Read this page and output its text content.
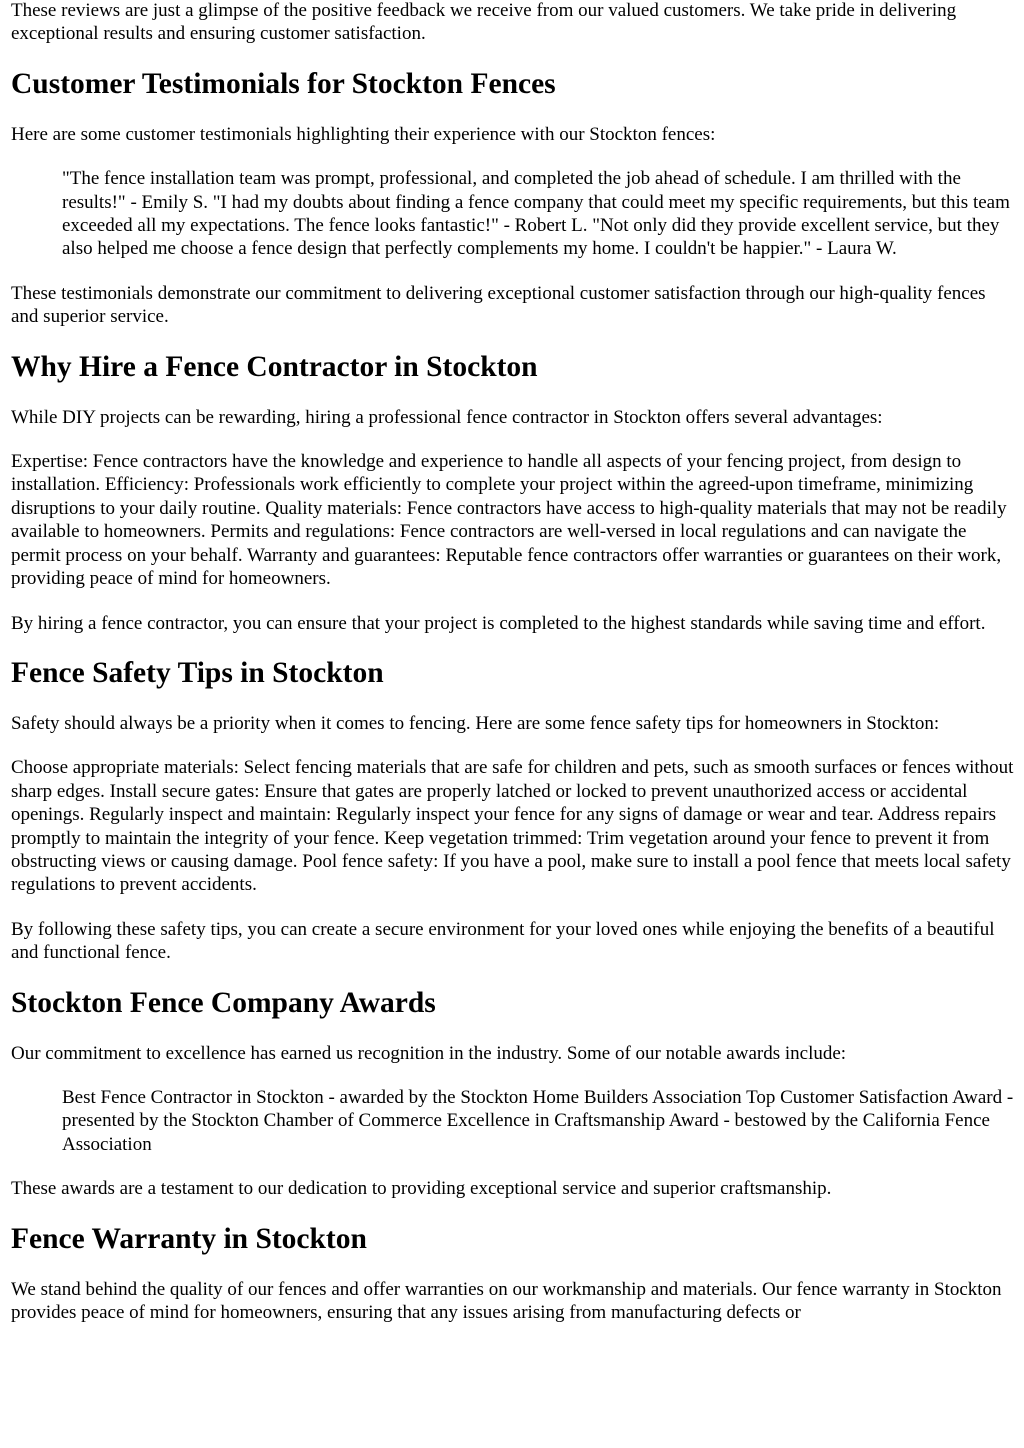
These reviews are just a glimpse of the positive feedback we receive from our valued customers. We take pride in delivering exceptional results and ensuring customer satisfaction.

Customer Testimonials for Stockton Fences

Here are some customer testimonials highlighting their experience with our Stockton fences:

"The fence installation team was prompt, professional, and completed the job ahead of schedule. I am thrilled with the results!" - Emily S. "I had my doubts about finding a fence company that could meet my specific requirements, but this team exceeded all my expectations. The fence looks fantastic!" - Robert L. "Not only did they provide excellent service, but they also helped me choose a fence design that perfectly complements my home. I couldn't be happier." - Laura W.

These testimonials demonstrate our commitment to delivering exceptional customer satisfaction through our high-quality fences and superior service.

Why Hire a Fence Contractor in Stockton

While DIY projects can be rewarding, hiring a professional fence contractor in Stockton offers several advantages:

Expertise: Fence contractors have the knowledge and experience to handle all aspects of your fencing project, from design to installation. Efficiency: Professionals work efficiently to complete your project within the agreed-upon timeframe, minimizing disruptions to your daily routine. Quality materials: Fence contractors have access to high-quality materials that may not be readily available to homeowners. Permits and regulations: Fence contractors are well-versed in local regulations and can navigate the permit process on your behalf. Warranty and guarantees: Reputable fence contractors offer warranties or guarantees on their work, providing peace of mind for homeowners.

By hiring a fence contractor, you can ensure that your project is completed to the highest standards while saving time and effort.

Fence Safety Tips in Stockton

Safety should always be a priority when it comes to fencing. Here are some fence safety tips for homeowners in Stockton:

Choose appropriate materials: Select fencing materials that are safe for children and pets, such as smooth surfaces or fences without sharp edges. Install secure gates: Ensure that gates are properly latched or locked to prevent unauthorized access or accidental openings. Regularly inspect and maintain: Regularly inspect your fence for any signs of damage or wear and tear. Address repairs promptly to maintain the integrity of your fence. Keep vegetation trimmed: Trim vegetation around your fence to prevent it from obstructing views or causing damage. Pool fence safety: If you have a pool, make sure to install a pool fence that meets local safety regulations to prevent accidents.

By following these safety tips, you can create a secure environment for your loved ones while enjoying the benefits of a beautiful and functional fence.

Stockton Fence Company Awards

Our commitment to excellence has earned us recognition in the industry. Some of our notable awards include:

Best Fence Contractor in Stockton - awarded by the Stockton Home Builders Association Top Customer Satisfaction Award - presented by the Stockton Chamber of Commerce Excellence in Craftsmanship Award - bestowed by the California Fence Association

These awards are a testament to our dedication to providing exceptional service and superior craftsmanship.

Fence Warranty in Stockton

We stand behind the quality of our fences and offer warranties on our workmanship and materials. Our fence warranty in Stockton provides peace of mind for homeowners, ensuring that any issues arising from manufacturing defects or
